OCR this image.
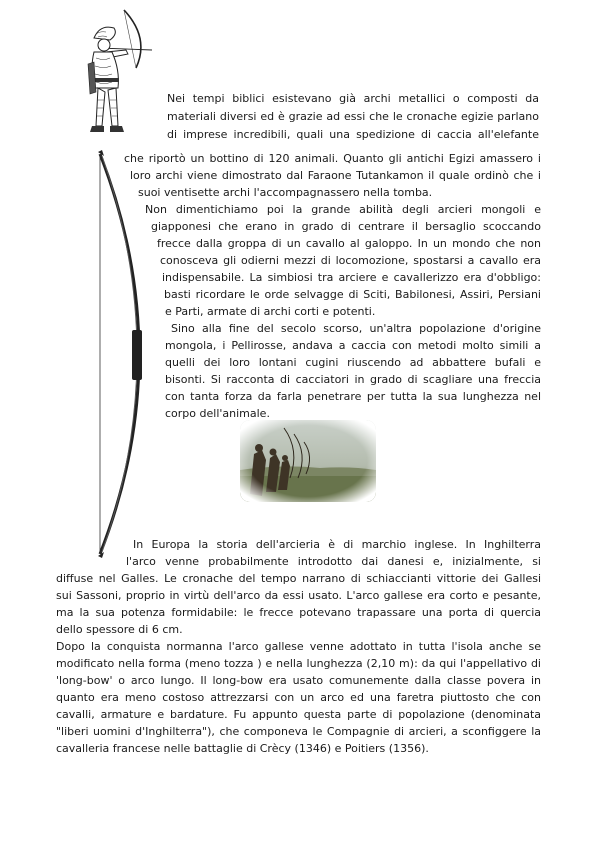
Nei tempi biblici esistevano già archi metallici o composti da
materiali diversi ed è grazie ad essi che le cronache egizie parlano
di imprese incredibili, quali una spedizione di caccia all'elefante
che riportò un bottino di 120 animali. Quanto gli antichi Egizi amassero i
loro archi viene dimostrato dal Faraone Tutankamon il quale ordinò che i
suoi ventisette archi l'accompagnassero nella tomba.
Non dimentichiamo poi la grande abilità degli arcieri mongoli e
giapponesi che erano in grado di centrare il bersaglio scoccando
frecce dalla groppa di un cavallo al galoppo. In un mondo che non
conosceva gli odierni mezzi di locomozione, spostarsi a cavallo era
indispensabile. La simbiosi tra arciere e cavallerizzo era d'obbligo:
basti ricordare le orde selvagge di Sciti, Babilonesi, Assiri, Persiani
e Parti, armate di archi corti e potenti.
Sino alla fine del secolo scorso, un'altra popolazione d'origine
mongola, i Pellirosse, andava a caccia con metodi molto simili a
quelli dei loro lontani cugini riuscendo ad abbattere bufali e
bisonti. Si racconta di cacciatori in grado di scagliare una freccia
con tanta forza da farla penetrare per tutta la sua lunghezza nel
corpo dell'animale.
In Europa la storia dell'arcieria è di marchio inglese. In Inghilterra
l'arco venne probabilmente introdotto dai danesi e, inizialmente, si
diffuse nel Galles. Le cronache del tempo narrano di schiaccianti vittorie dei Gallesi
sui Sassoni, proprio in virtù dell'arco da essi usato. L'arco gallese era corto e pesante,
ma la sua potenza formidabile: le frecce potevano trapassare una porta di quercia
dello spessore di 6 cm.
Dopo la conquista normanna l'arco gallese venne adottato in tutta l'isola anche se
modificato nella forma (meno tozza ) e nella lunghezza (2,10 m): da qui l'appellativo di
'long-bow' o arco lungo. Il long-bow era usato comunemente dalla classe povera in
quanto era meno costoso attrezzarsi con un arco ed una faretra piuttosto che con
cavalli, armature e bardature. Fu appunto questa parte di popolazione (denominata
"liberi uomini d'Inghilterra"), che componeva le Compagnie di arcieri, a sconfiggere la
cavalleria francese nelle battaglie di Crècy (1346) e Poitiers (1356).
